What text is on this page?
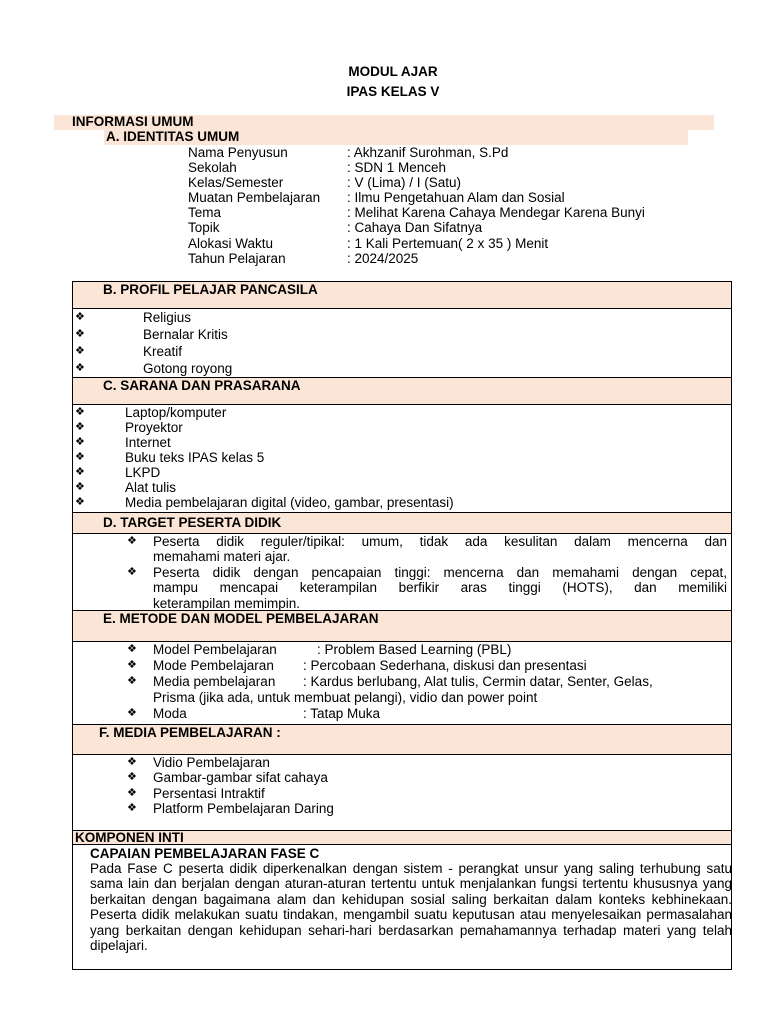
MODUL AJAR
IPAS KELAS V
INFORMASI UMUM
A. IDENTITAS UMUM
Nama Penyusun	: Akhzanif Surohman, S.Pd
Sekolah	: SDN 1 Menceh
Kelas/Semester	: V (Lima) / I (Satu)
Muatan Pembelajaran	: Ilmu Pengetahuan Alam dan Sosial
Tema	: Melihat Karena Cahaya Mendegar Karena Bunyi
Topik	: Cahaya Dan Sifatnya
Alokasi Waktu	: 1 Kali Pertemuan( 2 x 35 ) Menit
Tahun Pelajaran	: 2024/2025
B. PROFIL PELAJAR PANCASILA
❖	Religius
❖	Bernalar Kritis
❖	Kreatif
❖	Gotong royong
C. SARANA DAN PRASARANA
❖	Laptop/komputer
❖	Proyektor
❖	Internet
❖	Buku teks IPAS kelas 5
❖	LKPD
❖	Alat tulis
❖	Media pembelajaran digital (video, gambar, presentasi)
D. TARGET PESERTA DIDIK
❖ Peserta didik reguler/tipikal: umum, tidak ada kesulitan dalam mencerna dan
memahami materi ajar.
❖ Peserta didik dengan pencapaian tinggi: mencerna dan memahami dengan cepat,
mampu mencapai keterampilan berfikir aras tinggi (HOTS), dan memiliki
keterampilan memimpin.
E. METODE DAN MODEL PEMBELAJARAN
❖ Model Pembelajaran	: Problem Based Learning (PBL)
❖ Mode Pembelajaran : Percobaan Sederhana, diskusi dan presentasi
❖ Media pembelajaran : Kardus berlubang, Alat tulis, Cermin datar, Senter, Gelas,
Prisma (jika ada, untuk membuat pelangi), vidio dan power point
❖ Moda	: Tatap Muka
F. MEDIA PEMBELAJARAN :
❖ Vidio Pembelajaran
❖ Gambar-gambar sifat cahaya
❖ Persentasi Intraktif
❖ Platform Pembelajaran Daring
KOMPONEN INTI
CAPAIAN PEMBELAJARAN FASE C
Pada Fase C peserta didik diperkenalkan dengan sistem - perangkat unsur yang saling terhubung satu sama lain dan berjalan dengan aturan-aturan tertentu untuk menjalankan fungsi tertentu khususnya yang berkaitan dengan bagaimana alam dan kehidupan sosial saling berkaitan dalam konteks kebhinekaan. Peserta didik melakukan suatu tindakan, mengambil suatu keputusan atau menyelesaikan permasalahan yang berkaitan dengan kehidupan sehari-hari berdasarkan pemahamannya terhadap materi yang telah dipelajari.
